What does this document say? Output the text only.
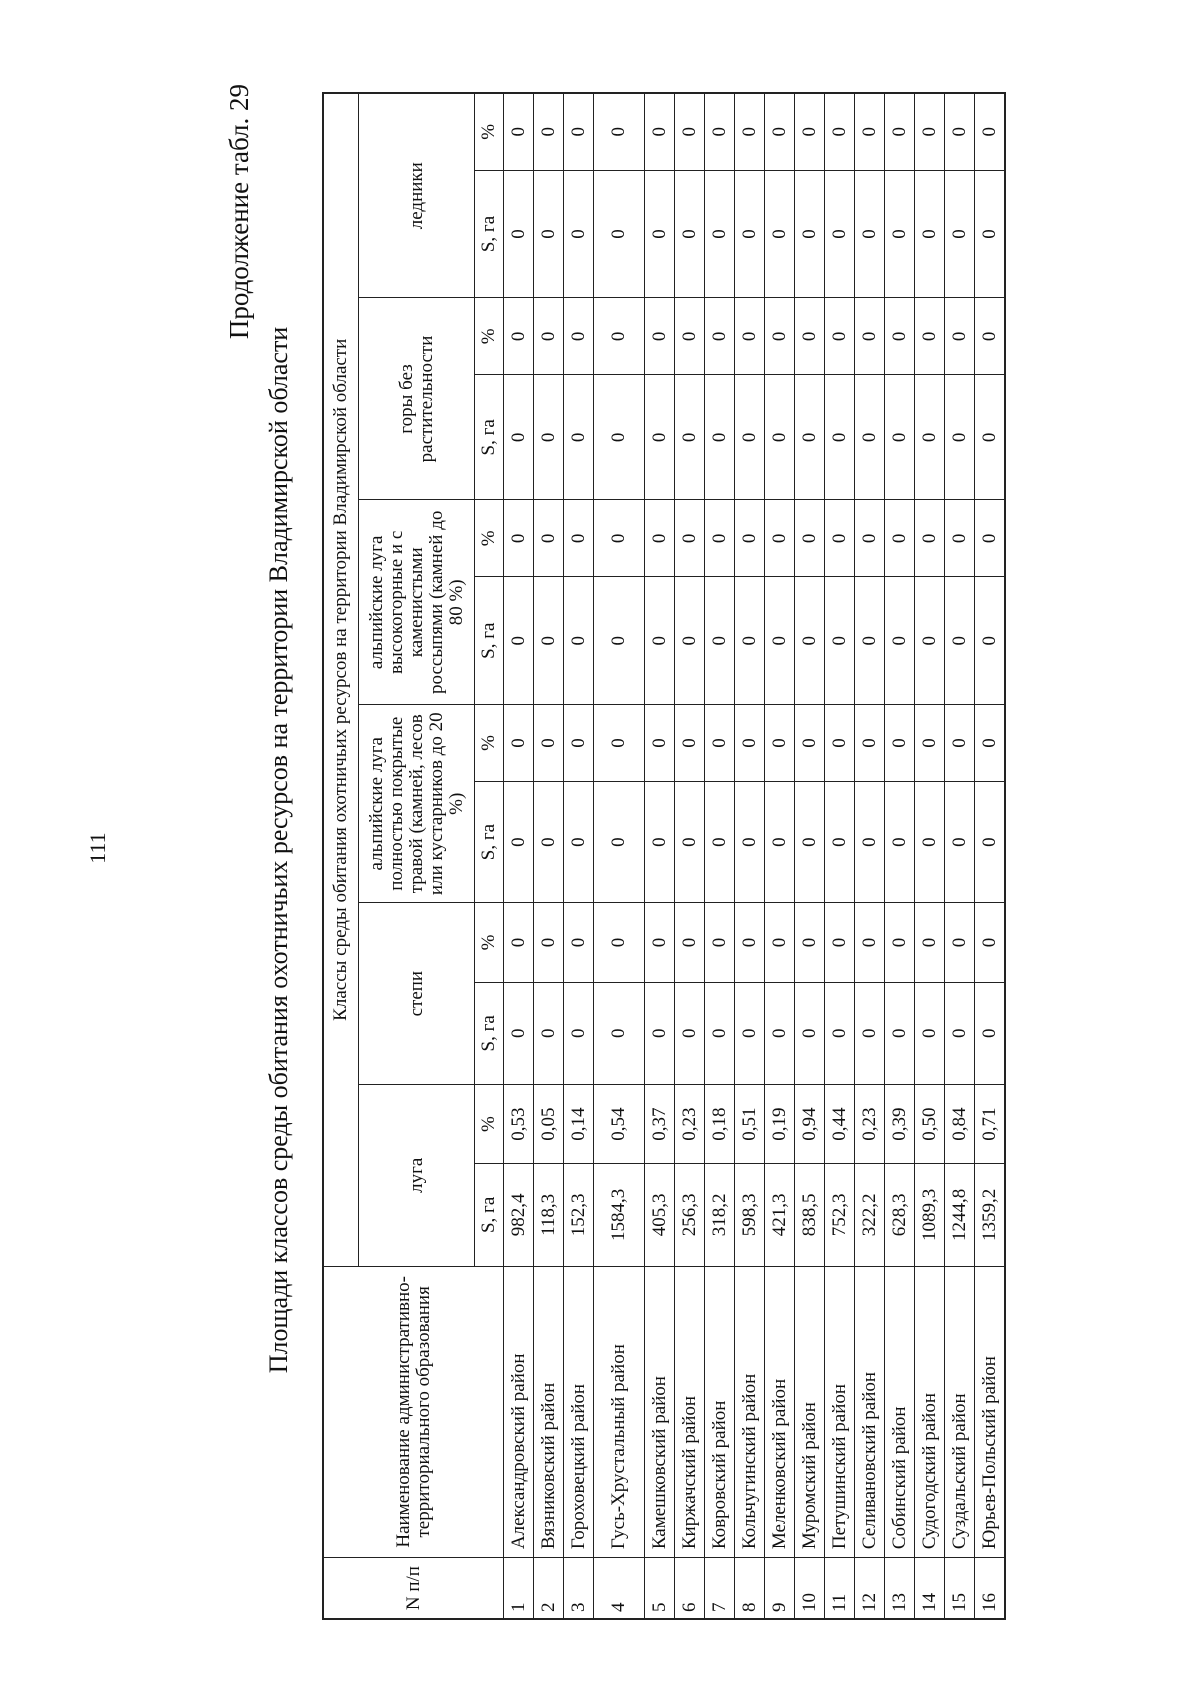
111
Продолжение табл. 29
Площади классов среды обитания охотничьих ресурсов на территории Владимирской области
N п/п	Наименование административно-территориального образования	Классы среды обитания охотничьих ресурсов на территории Владимирской области											
		луга		степи		альпийские луга полностью покрытые травой (камней, лесов или кустарников до 20 %)		альпийские луга высокогорные и с каменистыми россыпями (камней до 80 %)		горы без растительности		ледники	
		S, га	%	S, га	%	S, га	%	S, га	%	S, га	%	S, га	%
1	Александровский район	982,4	0,53	0	0	0	0	0	0	0	0	0	0
2	Вязниковский район	118,3	0,05	0	0	0	0	0	0	0	0	0	0
3	Гороховецкий район	152,3	0,14	0	0	0	0	0	0	0	0	0	0
4	Гусь-Хрустальный район	1584,3	0,54	0	0	0	0	0	0	0	0	0	0
5	Камешковский район	405,3	0,37	0	0	0	0	0	0	0	0	0	0
6	Киржачский район	256,3	0,23	0	0	0	0	0	0	0	0	0	0
7	Ковровский район	318,2	0,18	0	0	0	0	0	0	0	0	0	0
8	Кольчугинский район	598,3	0,51	0	0	0	0	0	0	0	0	0	0
9	Меленковский район	421,3	0,19	0	0	0	0	0	0	0	0	0	0
10	Муромский район	838,5	0,94	0	0	0	0	0	0	0	0	0	0
11	Петушинский район	752,3	0,44	0	0	0	0	0	0	0	0	0	0
12	Селивановский район	322,2	0,23	0	0	0	0	0	0	0	0	0	0
13	Собинский район	628,3	0,39	0	0	0	0	0	0	0	0	0	0
14	Судогодский район	1089,3	0,50	0	0	0	0	0	0	0	0	0	0
15	Суздальский район	1244,8	0,84	0	0	0	0	0	0	0	0	0	0
16	Юрьев-Польский район	1359,2	0,71	0	0	0	0	0	0	0	0	0	0
